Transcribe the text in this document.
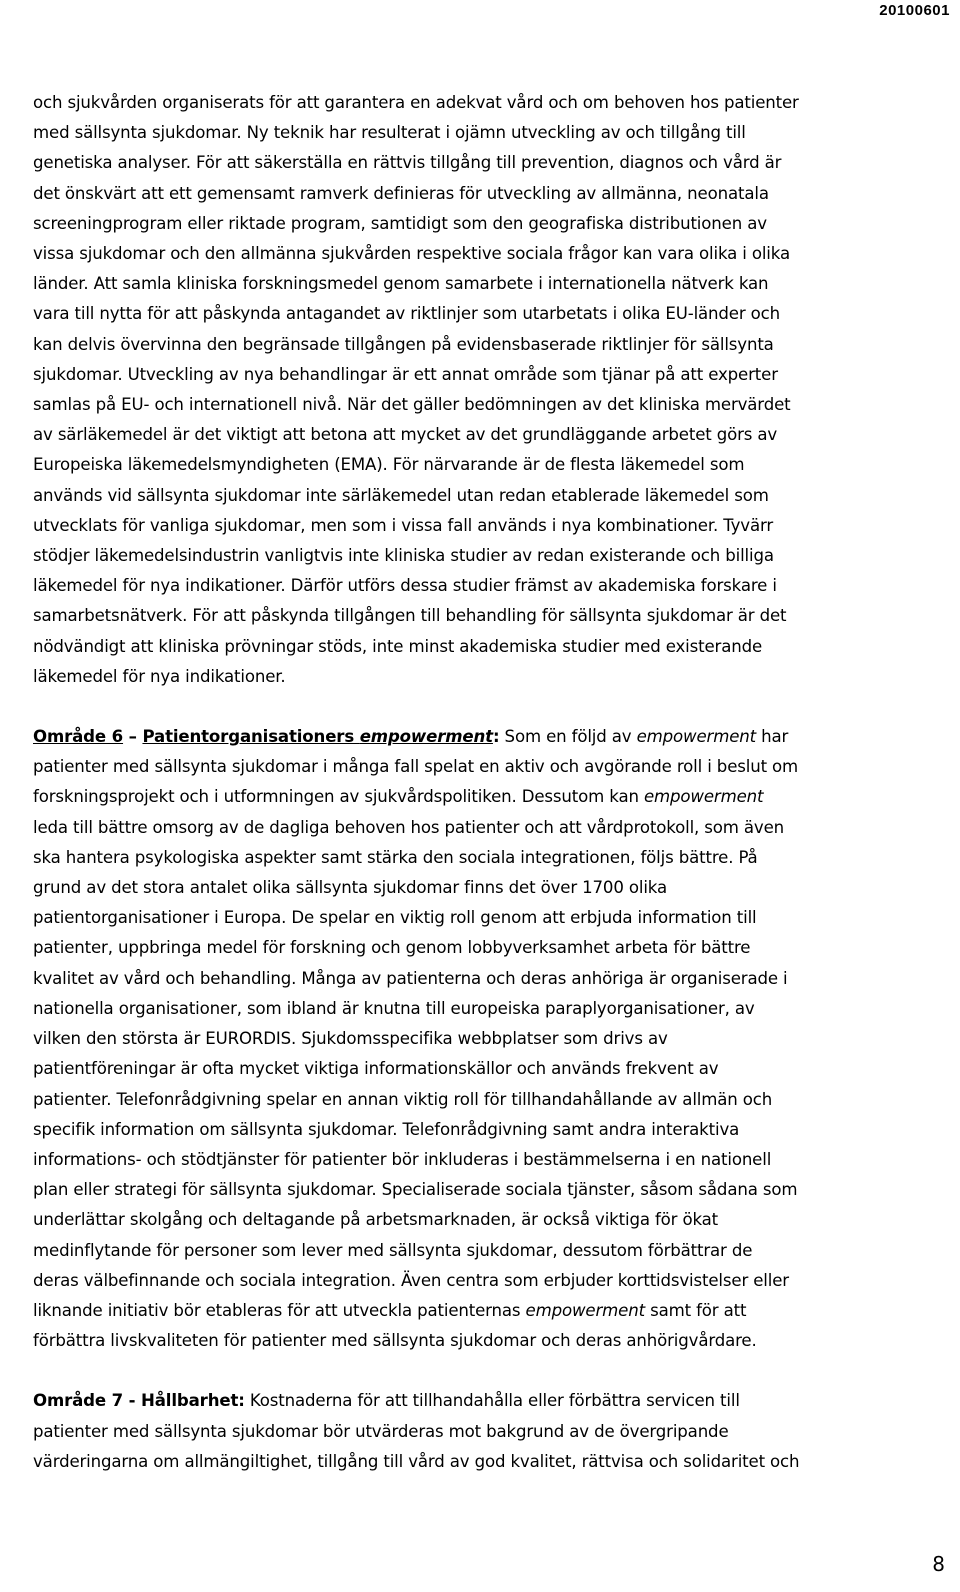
20100601

och sjukvården organiserats för att garantera en adekvat vård och om behoven hos patienter

med sällsynta sjukdomar. Ny teknik har resulterat i ojämn utveckling av och tillgång till

genetiska analyser. För att säkerställa en rättvis tillgång till prevention, diagnos och vård är

det önskvärt att ett gemensamt ramverk definieras för utveckling av allmänna, neonatala

screeningprogram eller riktade program, samtidigt som den geografiska distributionen av

vissa sjukdomar och den allmänna sjukvården respektive sociala frågor kan vara olika i olika

länder. Att samla kliniska forskningsmedel genom samarbete i internationella nätverk kan

vara till nytta för att påskynda antagandet av riktlinjer som utarbetats i olika EU-länder och

kan delvis övervinna den begränsade tillgången på evidensbaserade riktlinjer för sällsynta

sjukdomar. Utveckling av nya behandlingar är ett annat område som tjänar på att experter

samlas på EU- och internationell nivå. När det gäller bedömningen av det kliniska mervärdet

av särläkemedel är det viktigt att betona att mycket av det grundläggande arbetet görs av

Europeiska läkemedelsmyndigheten (EMA). För närvarande är de flesta läkemedel som

används vid sällsynta sjukdomar inte särläkemedel utan redan etablerade läkemedel som

utvecklats för vanliga sjukdomar, men som i vissa fall används i nya kombinationer. Tyvärr

stödjer läkemedelsindustrin vanligtvis inte kliniska studier av redan existerande och billiga

läkemedel för nya indikationer. Därför utförs dessa studier främst av akademiska forskare i

samarbetsnätverk. För att påskynda tillgången till behandling för sällsynta sjukdomar är det

nödvändigt att kliniska prövningar stöds, inte minst akademiska studier med existerande

läkemedel för nya indikationer.

Område 6 – Patientorganisationers empowerment: Som en följd av empowerment har

patienter med sällsynta sjukdomar i många fall spelat en aktiv och avgörande roll i beslut om

forskningsprojekt och i utformningen av sjukvårdspolitiken. Dessutom kan empowerment

leda till bättre omsorg av de dagliga behoven hos patienter och att vårdprotokoll, som även

ska hantera psykologiska aspekter samt stärka den sociala integrationen, följs bättre. På

grund av det stora antalet olika sällsynta sjukdomar finns det över 1700 olika

patientorganisationer i Europa. De spelar en viktig roll genom att erbjuda information till

patienter, uppbringa medel för forskning och genom lobbyverksamhet arbeta för bättre

kvalitet av vård och behandling. Många av patienterna och deras anhöriga är organiserade i

nationella organisationer, som ibland är knutna till europeiska paraplyorganisationer, av

vilken den största är EURORDIS. Sjukdomsspecifika webbplatser som drivs av

patientföreningar är ofta mycket viktiga informationskällor och används frekvent av

patienter. Telefonrådgivning spelar en annan viktig roll för tillhandahållande av allmän och

specifik information om sällsynta sjukdomar. Telefonrådgivning samt andra interaktiva

informations- och stödtjänster för patienter bör inkluderas i bestämmelserna i en nationell

plan eller strategi för sällsynta sjukdomar. Specialiserade sociala tjänster, såsom sådana som

underlättar skolgång och deltagande på arbetsmarknaden, är också viktiga för ökat

medinflytande för personer som lever med sällsynta sjukdomar, dessutom förbättrar de

deras välbefinnande och sociala integration. Även centra som erbjuder korttidsvistelser eller

liknande initiativ bör etableras för att utveckla patienternas empowerment samt för att

förbättra livskvaliteten för patienter med sällsynta sjukdomar och deras anhörigvårdare.

Område 7 - Hållbarhet: Kostnaderna för att tillhandahålla eller förbättra servicen till

patienter med sällsynta sjukdomar bör utvärderas mot bakgrund av de övergripande

värderingarna om allmängiltighet, tillgång till vård av god kvalitet, rättvisa och solidaritet och

8
